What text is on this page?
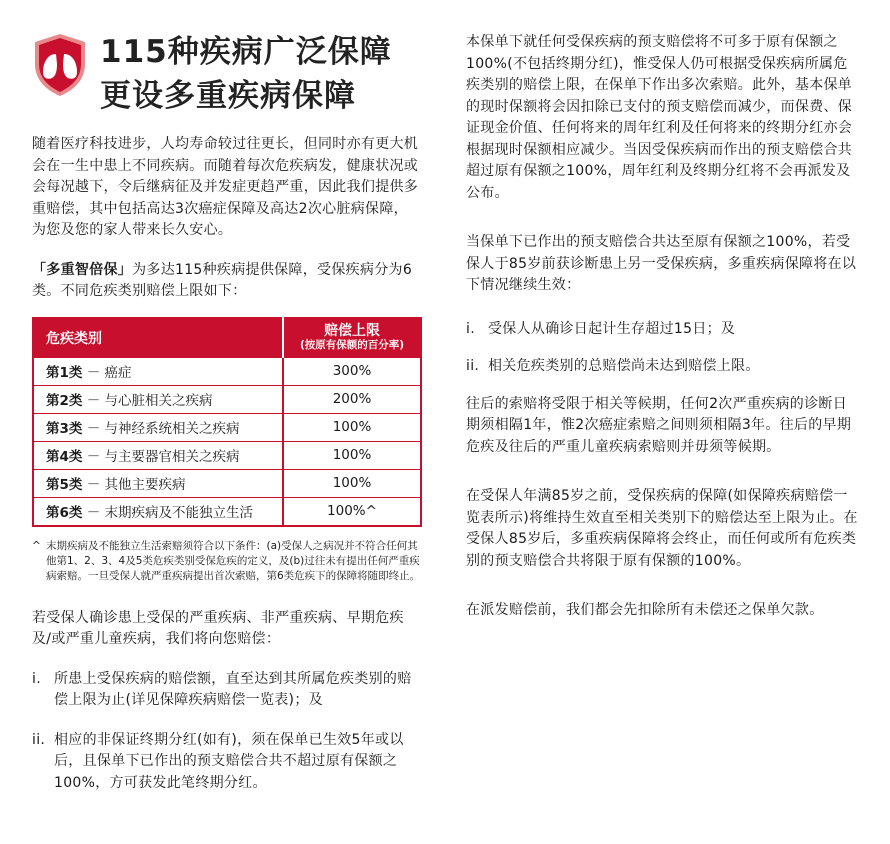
115种疾病广泛保障
更设多重疾病保障

随着医疗科技进步，人均寿命较过往更长，但同时亦有更大机会在一生中患上不同疾病。而随着每次危疾病发，健康状况或会每况越下，令后继病征及并发症更趋严重，因此我们提供多重赔偿，其中包括高达3次癌症保障及高达2次心脏病保障，为您及您的家人带来长久安心。

「多重智倍保」为多达115种疾病提供保障，受保疾病分为6类。不同危疾类别赔偿上限如下：

危疾类别	赔偿上限
(按原有保额的百分率)

第1类 － 癌症	300%
第2类 － 与心脏相关之疾病	200%
第3类 － 与神经系统相关之疾病	100%
第4类 － 与主要器官相关之疾病	100%
第5类 － 其他主要疾病	100%
第6类 － 末期疾病及不能独立生活	100%^
^ 末期疾病及不能独立生活索赔须符合以下条件：(a)受保人之病况并不符合任何其他第1、2、3、4及5类危疾类别受保危疾的定义，及(b)过往未有提出任何严重疾病索赔。一旦受保人就严重疾病提出首次索赔，第6类危疾下的保障将随即终止。

若受保人确诊患上受保的严重疾病、非严重疾病、早期危疾及/或严重儿童疾病，我们将向您赔偿：

i. 所患上受保疾病的赔偿额，直至达到其所属危疾类别的赔偿上限为止(详见保障疾病赔偿一览表)；及
ii. 相应的非保证终期分红(如有)，须在保单已生效5年或以后，且保单下已作出的预支赔偿合共不超过原有保额之100%，方可获发此笔终期分红。

本保单下就任何受保疾病的预支赔偿将不可多于原有保额之100%(不包括终期分红)，惟受保人仍可根据受保疾病所属危疾类别的赔偿上限，在保单下作出多次索赔。此外，基本保单的现时保额将会因扣除已支付的预支赔偿而减少，而保费、保证现金价值、任何将来的周年红利及任何将来的终期分红亦会根据现时保额相应减少。当因受保疾病而作出的预支赔偿合共超过原有保额之100%，周年红利及终期分红将不会再派发及公布。

当保单下已作出的预支赔偿合共达至原有保额之100%，若受保人于85岁前获诊断患上另一受保疾病，多重疾病保障将在以下情况继续生效：

i. 受保人从确诊日起计生存超过15日；及
ii. 相关危疾类别的总赔偿尚未达到赔偿上限。

往后的索赔将受限于相关等候期，任何2次严重疾病的诊断日期须相隔1年，惟2次癌症索赔之间则须相隔3年。往后的早期危疾及往后的严重儿童疾病索赔则并毋须等候期。

在受保人年满85岁之前，受保疾病的保障(如保障疾病赔偿一览表所示)将维持生效直至相关类别下的赔偿达至上限为止。在受保人85岁后，多重疾病保障将会终止，而任何或所有危疾类别的预支赔偿合共将限于原有保额的100%。

在派发赔偿前，我们都会先扣除所有未偿还之保单欠款。
